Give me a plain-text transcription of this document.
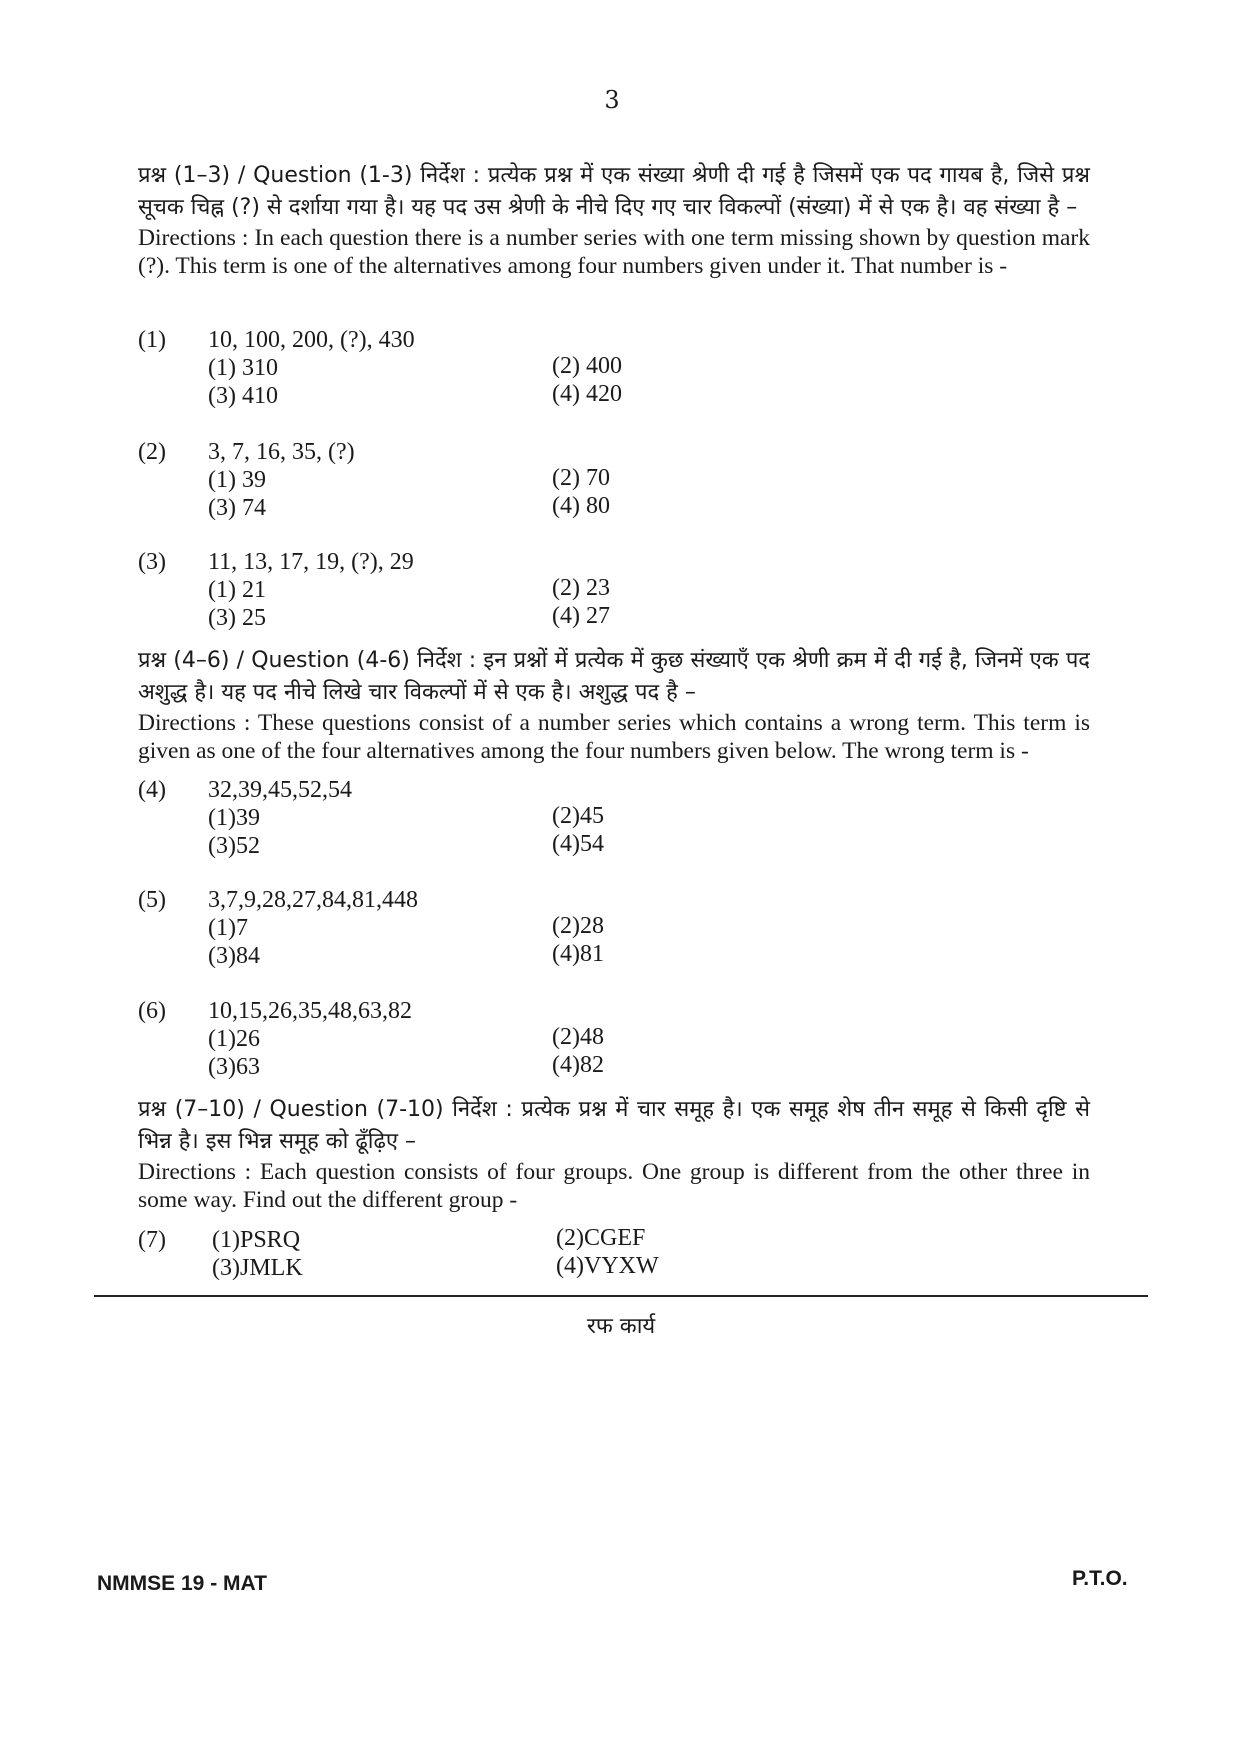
3

प्रश्न (1–3) / Question (1-3) निर्देश : प्रत्येक प्रश्न में एक संख्या श्रेणी दी गई है जिसमें एक पद गायब है, जिसे प्रश्न सूचक चिह्न (?) से दर्शाया गया है। यह पद उस श्रेणी के नीचे दिए गए चार विकल्पों (संख्या) में से एक है। वह संख्या है –

Directions : In each question there is a number series with one term missing shown by question mark (?). This term is one of the alternatives among four numbers given under it. That number is -

(1) 10, 100, 200, (?), 430
(1) 310	(2) 400
(3) 410	(4) 420
(2) 3, 7, 16, 35, (?)
(1) 39	(2) 70
(3) 74	(4) 80
(3) 11, 13, 17, 19, (?), 29
(1) 21	(2) 23
(3) 25	(4) 27

प्रश्न (4–6) / Question (4-6) निर्देश : इन प्रश्नों में प्रत्येक में कुछ संख्याएँ एक श्रेणी क्रम में दी गई है, जिनमें एक पद अशुद्ध है। यह पद नीचे लिखे चार विकल्पों में से एक है। अशुद्ध पद है –

Directions : These questions consist of a number series which contains a wrong term. This term is given as one of the four alternatives among the four numbers given below. The wrong term is -

(4) 32,39,45,52,54
(1)39	(2)45
(3)52	(4)54
(5) 3,7,9,28,27,84,81,448
(1)7	(2)28
(3)84	(4)81
(6) 10,15,26,35,48,63,82
(1)26	(2)48
(3)63	(4)82

प्रश्न (7–10) / Question (7-10) निर्देश : प्रत्येक प्रश्न में चार समूह है। एक समूह शेष तीन समूह से किसी दृष्टि से भिन्न है। इस भिन्न समूह को ढूँढ़िए –

Directions : Each question consists of four groups. One group is different from the other three in some way. Find out the different group -

(7) (1)PSRQ	(2)CGEF
(3)JMLK	(4)VYXW
रफ कार्य
NMMSE 19 - MAT	P.T.O.
